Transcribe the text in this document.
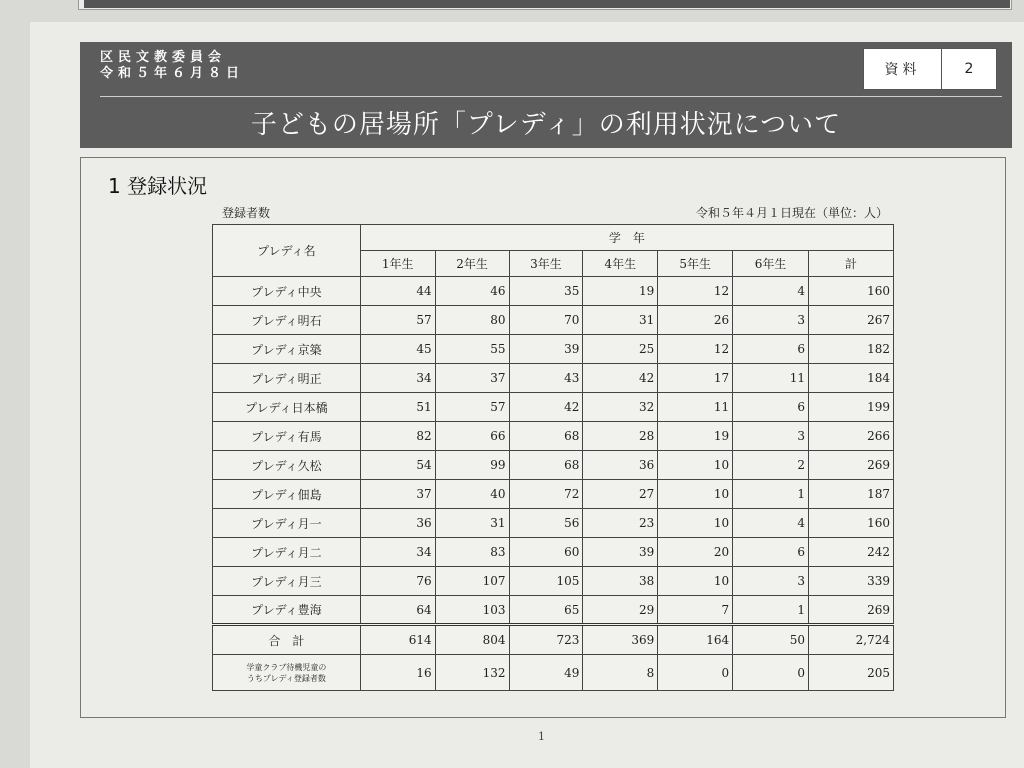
区民文教委員会
令和５年６月８日	資料	2
子どもの居場所「プレディ」の利用状況について
1 登録状況
登録者数	令和５年４月１日現在（単位：人）
プレディ名	学　年						
	1年生	2年生	3年生	4年生	5年生	6年生	計
プレディ中央	44	46	35	19	12	4	160
プレディ明石	57	80	70	31	26	3	267
プレディ京築	45	55	39	25	12	6	182
プレディ明正	34	37	43	42	17	11	184
プレディ日本橋	51	57	42	32	11	6	199
プレディ有馬	82	66	68	28	19	3	266
プレディ久松	54	99	68	36	10	2	269
プレディ佃島	37	40	72	27	10	1	187
プレディ月一	36	31	56	23	10	4	160
プレディ月二	34	83	60	39	20	6	242
プレディ月三	76	107	105	38	10	3	339
プレディ豊海	64	103	65	29	7	1	269
合　計	614	804	723	369	164	50	2,724

学童クラブ待機児童の
うちプレディ登録者数	16	132	49	8	0	0	205
1
